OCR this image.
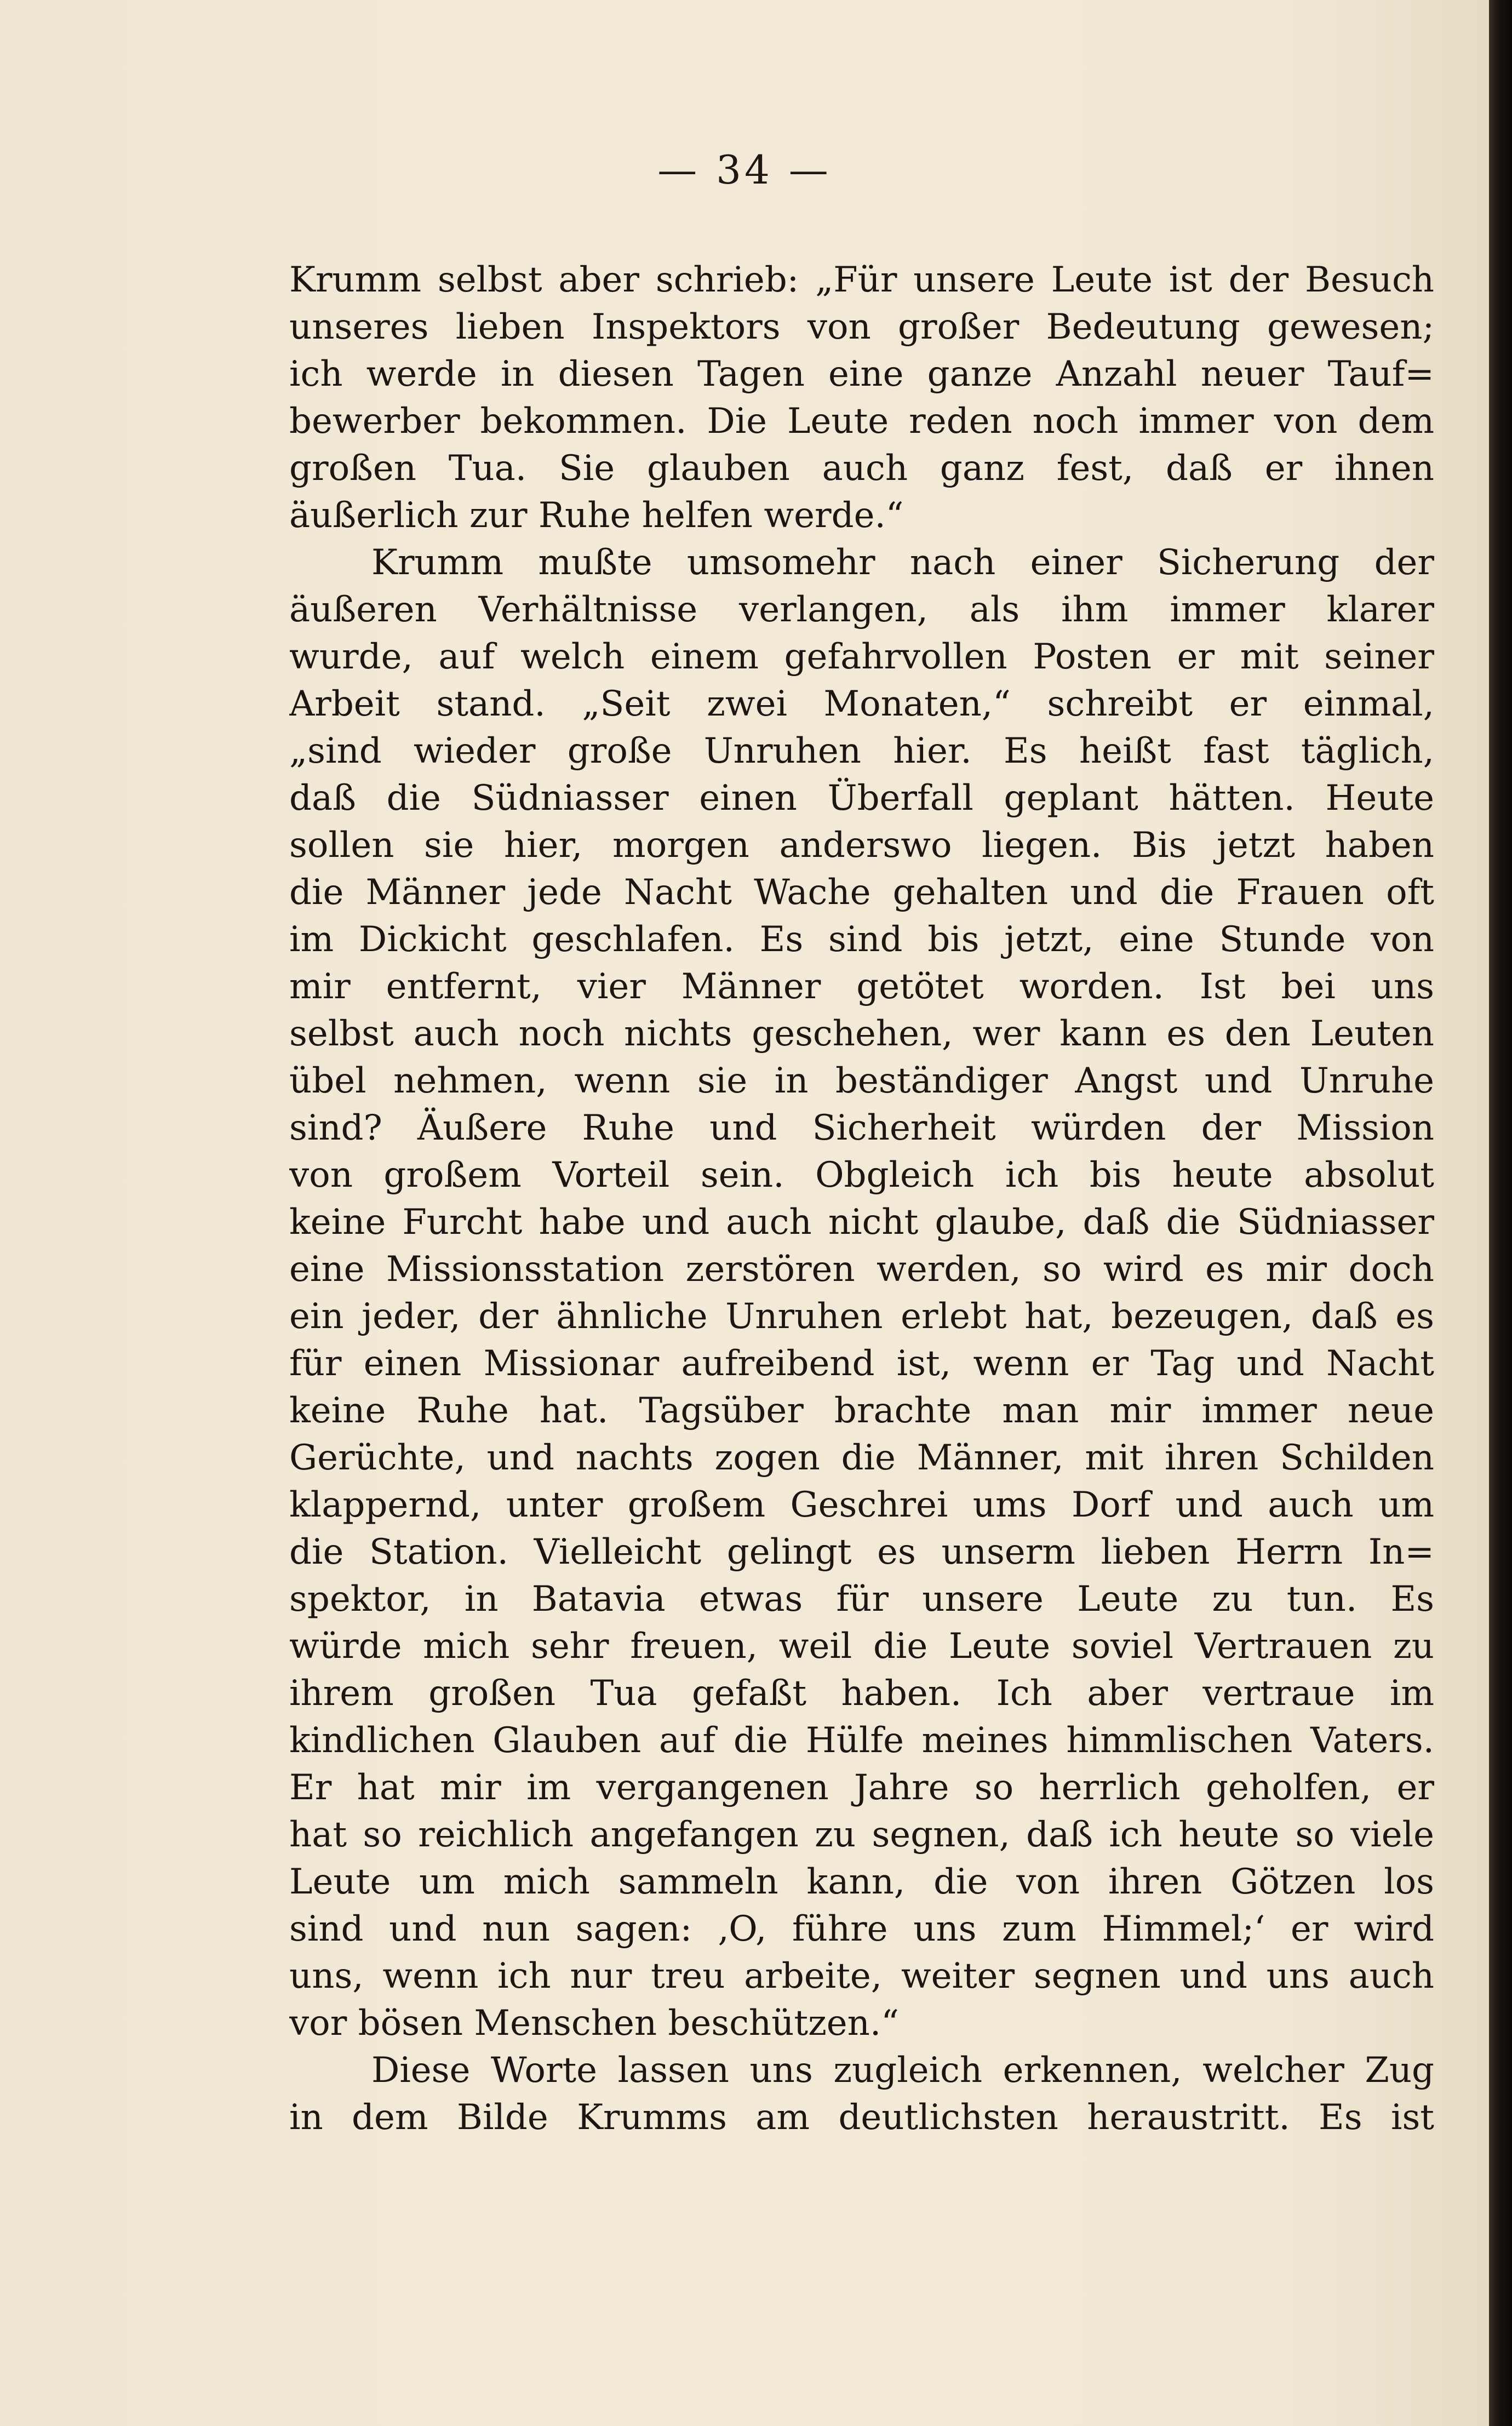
— 34 —
Krumm selbst aber schrieb: „Für unsere Leute ist der Besuch
unseres lieben Inspektors von großer Bedeutung gewesen;
ich werde in diesen Tagen eine ganze Anzahl neuer Tauf=
bewerber bekommen. Die Leute reden noch immer von dem
großen Tua. Sie glauben auch ganz fest, daß er ihnen
äußerlich zur Ruhe helfen werde.“
Krumm mußte umsomehr nach einer Sicherung der
äußeren Verhältnisse verlangen, als ihm immer klarer
wurde, auf welch einem gefahrvollen Posten er mit seiner
Arbeit stand. „Seit zwei Monaten,“ schreibt er einmal,
„sind wieder große Unruhen hier. Es heißt fast täglich,
daß die Südniasser einen Überfall geplant hätten. Heute
sollen sie hier, morgen anderswo liegen. Bis jetzt haben
die Männer jede Nacht Wache gehalten und die Frauen oft
im Dickicht geschlafen. Es sind bis jetzt, eine Stunde von
mir entfernt, vier Männer getötet worden. Ist bei uns
selbst auch noch nichts geschehen, wer kann es den Leuten
übel nehmen, wenn sie in beständiger Angst und Unruhe
sind? Äußere Ruhe und Sicherheit würden der Mission
von großem Vorteil sein. Obgleich ich bis heute absolut
keine Furcht habe und auch nicht glaube, daß die Südniasser
eine Missionsstation zerstören werden, so wird es mir doch
ein jeder, der ähnliche Unruhen erlebt hat, bezeugen, daß es
für einen Missionar aufreibend ist, wenn er Tag und Nacht
keine Ruhe hat. Tagsüber brachte man mir immer neue
Gerüchte, und nachts zogen die Männer, mit ihren Schilden
klappernd, unter großem Geschrei ums Dorf und auch um
die Station. Vielleicht gelingt es unserm lieben Herrn In=
spektor, in Batavia etwas für unsere Leute zu tun. Es
würde mich sehr freuen, weil die Leute soviel Vertrauen zu
ihrem großen Tua gefaßt haben. Ich aber vertraue im
kindlichen Glauben auf die Hülfe meines himmlischen Vaters.
Er hat mir im vergangenen Jahre so herrlich geholfen, er
hat so reichlich angefangen zu segnen, daß ich heute so viele
Leute um mich sammeln kann, die von ihren Götzen los
sind und nun sagen: ‚O, führe uns zum Himmel;‘ er wird
uns, wenn ich nur treu arbeite, weiter segnen und uns auch
vor bösen Menschen beschützen.“
Diese Worte lassen uns zugleich erkennen, welcher Zug
in dem Bilde Krumms am deutlichsten heraustritt. Es ist
